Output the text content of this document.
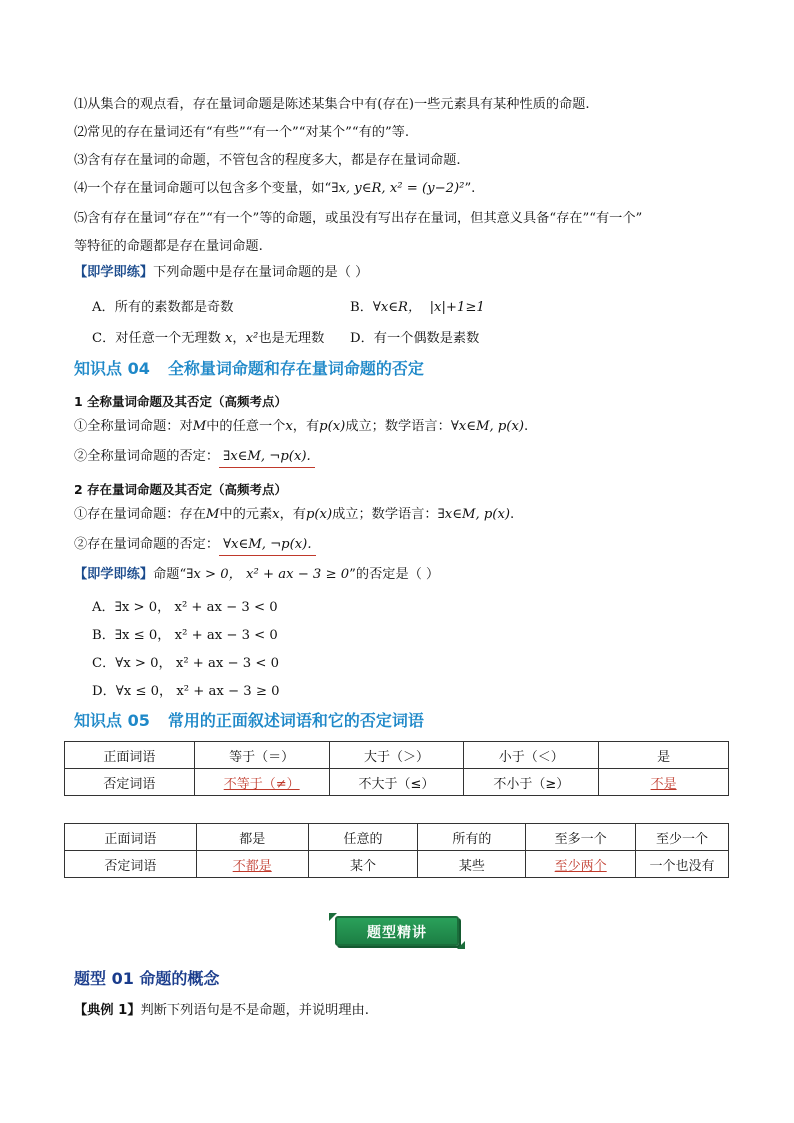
⑴从集合的观点看，存在量词命题是陈述某集合中有(存在)一些元素具有某种性质的命题.
⑵常见的存在量词还有“有些”“有一个”“对某个”“有的”等.
⑶含有存在量词的命题，不管包含的程度多大，都是存在量词命题.
⑷一个存在量词命题可以包含多个变量，如“∃x, y∈R, x² = (y−2)²”.
⑸含有存在量词“存在”“有一个”等的命题，或虽没有写出存在量词，但其意义具备“存在”“有一个”
等特征的命题都是存在量词命题.
【即学即练】下列命题中是存在量词命题的是（ ）
A．所有的素数都是奇数	B．∀x∈R， |x|+1≥1
C．对任意一个无理数 x，x²也是无理数 D．有一个偶数是素数
知识点 04 全称量词命题和存在量词命题的否定
1 全称量词命题及其否定（高频考点）
①全称量词命题：对M中的任意一个x，有p(x)成立；数学语言：∀x∈M, p(x).
②全称量词命题的否定： ∃x∈M, ¬p(x).
2 存在量词命题及其否定（高频考点）
①存在量词命题：存在M中的元素x，有p(x)成立；数学语言：∃x∈M, p(x).
②存在量词命题的否定： ∀x∈M, ¬p(x).
【即学即练】命题“∃x > 0， x² + ax − 3 ≥ 0”的否定是（ ）
A．∃x > 0， x² + ax − 3 < 0
B．∃x ≤ 0， x² + ax − 3 < 0
C．∀x > 0， x² + ax − 3 < 0
D．∀x ≤ 0， x² + ax − 3 ≥ 0
知识点 05 常用的正面叙述词语和它的否定词语
正面词语	等于（＝）	大于（＞）	小于（＜）	是
否定词语	不等于（≠）	不大于（≤）	不小于（≥）	不是
正面词语	都是	任意的	所有的	至多一个	至少一个
否定词语	不都是	某个	某些	至少两个	一个也没有
题型精讲
题型 01 命题的概念
【典例 1】判断下列语句是不是命题，并说明理由.
